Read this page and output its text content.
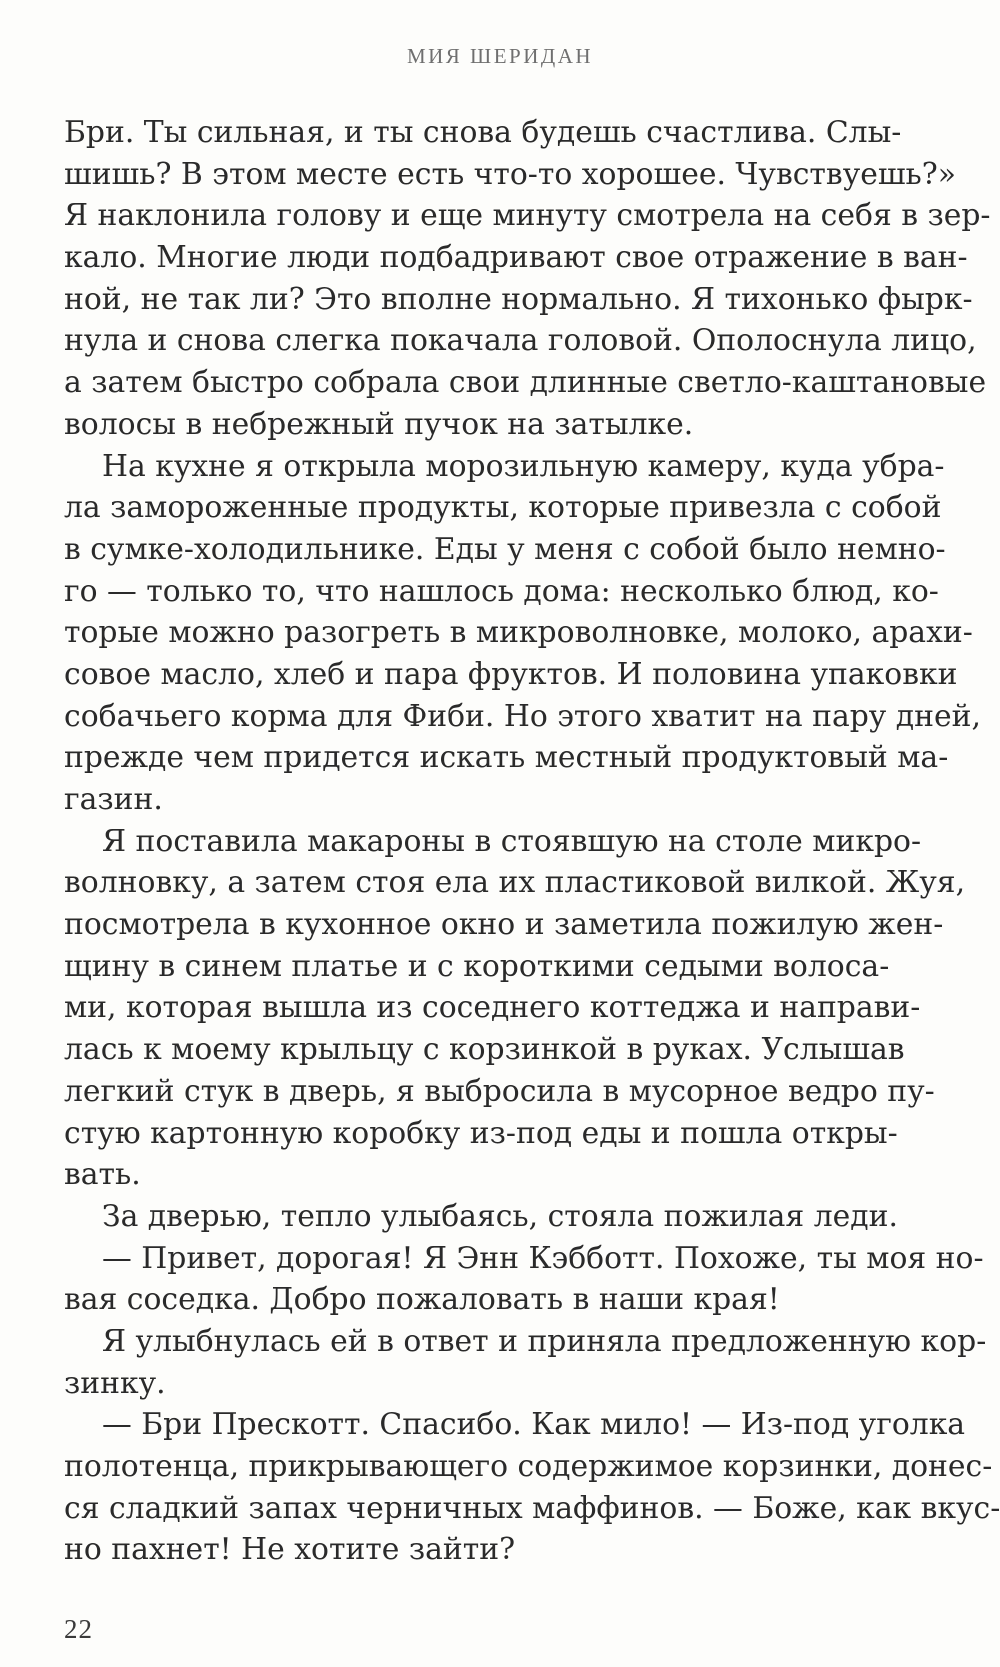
МИЯ ШЕРИДАН
Бри. Ты сильная, и ты снова будешь счастлива. Слы-
шишь? В этом месте есть что-то хорошее. Чувствуешь?»
Я наклонила голову и еще минуту смотрела на себя в зер-
кало. Многие люди подбадривают свое отражение в ван-
ной, не так ли? Это вполне нормально. Я тихонько фырк-
нула и снова слегка покачала головой. Ополоснула лицо,
а затем быстро собрала свои длинные светло-каштановые
волосы в небрежный пучок на затылке.
На кухне я открыла морозильную камеру, куда убра-
ла замороженные продукты, которые привезла с собой
в сумке-холодильнике. Еды у меня с собой было немно-
го — только то, что нашлось дома: несколько блюд, ко-
торые можно разогреть в микроволновке, молоко, арахи-
совое масло, хлеб и пара фруктов. И половина упаковки
собачьего корма для Фиби. Но этого хватит на пару дней,
прежде чем придется искать местный продуктовый ма-
газин.
Я поставила макароны в стоявшую на столе микро-
волновку, а затем стоя ела их пластиковой вилкой. Жуя,
посмотрела в кухонное окно и заметила пожилую жен-
щину в синем платье и с короткими седыми волоса-
ми, которая вышла из соседнего коттеджа и направи-
лась к моему крыльцу с корзинкой в руках. Услышав
легкий стук в дверь, я выбросила в мусорное ведро пу-
стую картонную коробку из-под еды и пошла откры-
вать.
За дверью, тепло улыбаясь, стояла пожилая леди.
— Привет, дорогая! Я Энн Кэбботт. Похоже, ты моя но-
вая соседка. Добро пожаловать в наши края!
Я улыбнулась ей в ответ и приняла предложенную кор-
зинку.
— Бри Прескотт. Спасибо. Как мило! — Из-под уголка
полотенца, прикрывающего содержимое корзинки, донес-
ся сладкий запах черничных маффинов. — Боже, как вкус-
но пахнет! Не хотите зайти?
22
